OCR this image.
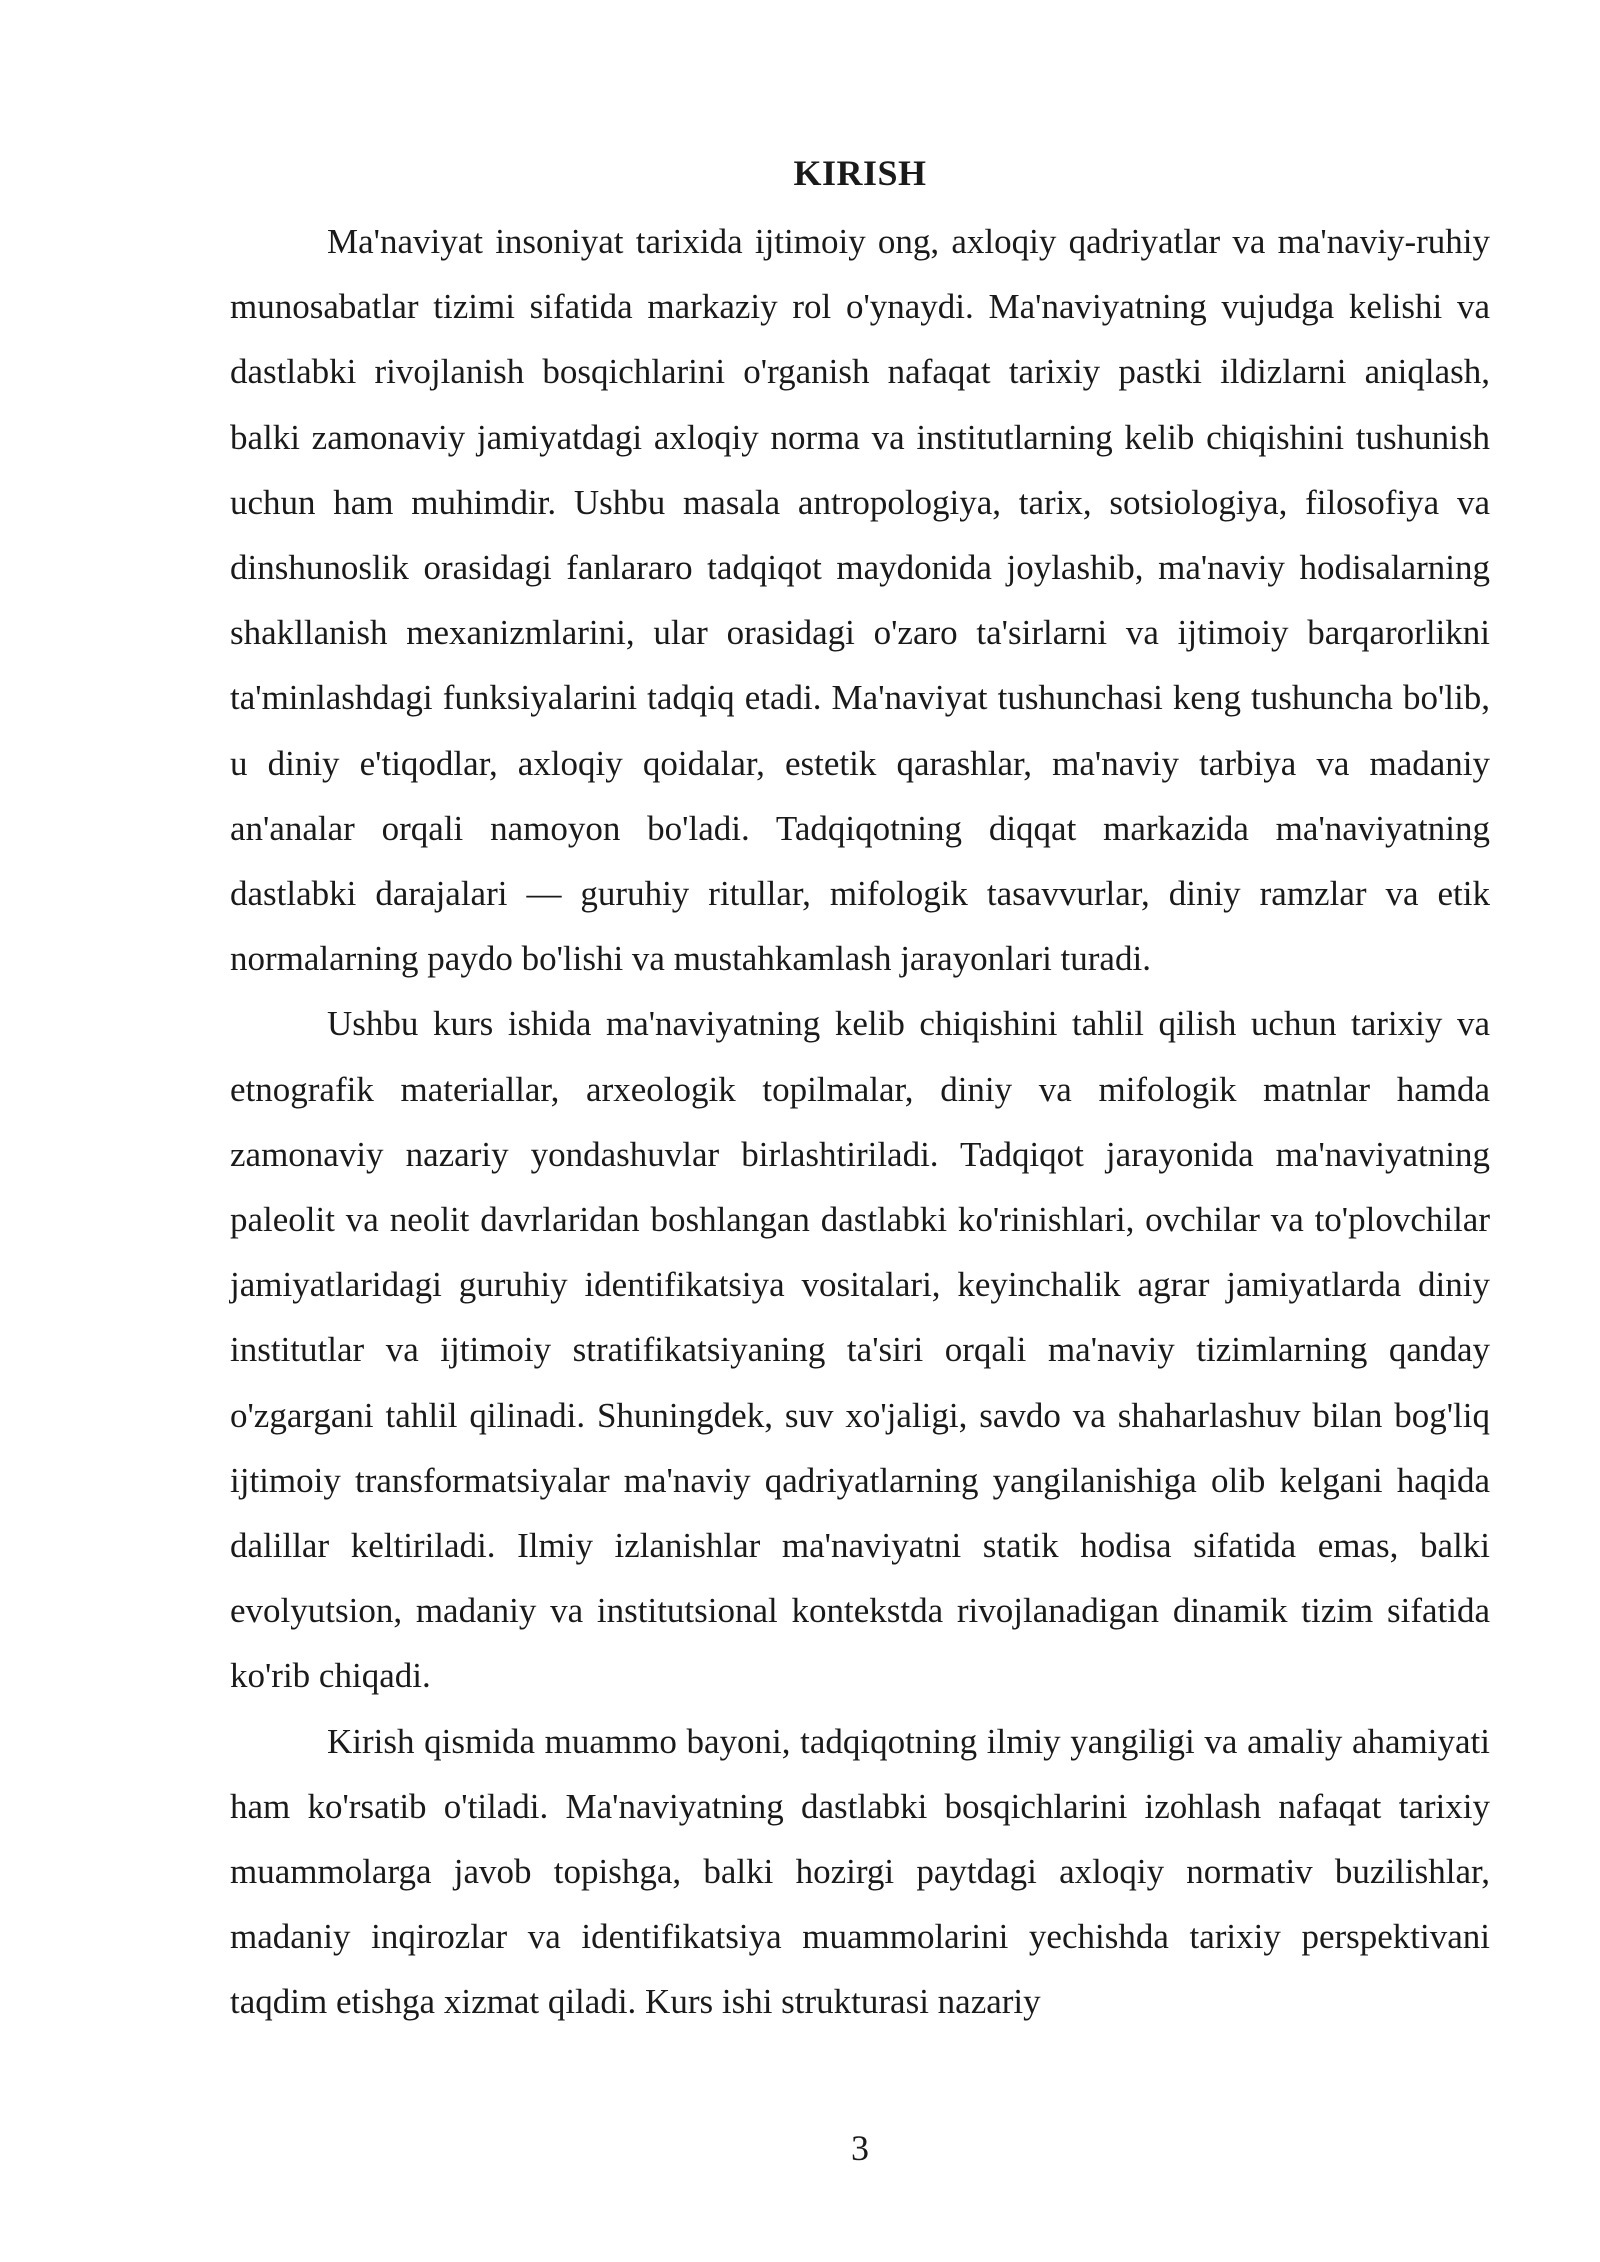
KIRISH

Ma'naviyat insoniyat tarixida ijtimoiy ong, axloqiy qadriyatlar va ma'naviy-ruhiy munosabatlar tizimi sifatida markaziy rol o'ynaydi. Ma'naviyatning vujudga kelishi va dastlabki rivojlanish bosqichlarini o'rganish nafaqat tarixiy pastki ildizlarni aniqlash, balki zamonaviy jamiyatdagi axloqiy norma va institutlarning kelib chiqishini tushunish uchun ham muhimdir. Ushbu masala antropologiya, tarix, sotsiologiya, filosofiya va dinshunoslik orasidagi fanlararo tadqiqot maydonida joylashib, ma'naviy hodisalarning shakllanish mexanizmlarini, ular orasidagi o'zaro ta'sirlarni va ijtimoiy barqarorlikni ta'minlashdagi funksiyalarini tadqiq etadi. Ma'naviyat tushunchasi keng tushuncha bo'lib, u diniy e'tiqodlar, axloqiy qoidalar, estetik qarashlar, ma'naviy tarbiya va madaniy an'analar orqali namoyon bo'ladi. Tadqiqotning diqqat markazida ma'naviyatning dastlabki darajalari — guruhiy ritullar, mifologik tasavvurlar, diniy ramzlar va etik normalarning paydo bo'lishi va mustahkamlash jarayonlari turadi.

Ushbu kurs ishida ma'naviyatning kelib chiqishini tahlil qilish uchun tarixiy va etnografik materiallar, arxeologik topilmalar, diniy va mifologik matnlar hamda zamonaviy nazariy yondashuvlar birlashtiriladi. Tadqiqot jarayonida ma'naviyatning paleolit va neolit davrlaridan boshlangan dastlabki ko'rinishlari, ovchilar va to'plovchilar jamiyatlaridagi guruhiy identifikatsiya vositalari, keyinchalik agrar jamiyatlarda diniy institutlar va ijtimoiy stratifikatsiyaning ta'siri orqali ma'naviy tizimlarning qanday o'zgargani tahlil qilinadi. Shuningdek, suv xo'jaligi, savdo va shaharlashuv bilan bog'liq ijtimoiy transformatsiyalar ma'naviy qadriyatlarning yangilanishiga olib kelgani haqida dalillar keltiriladi. Ilmiy izlanishlar ma'naviyatni statik hodisa sifatida emas, balki evolyutsion, madaniy va institutsional kontekstda rivojlanadigan dinamik tizim sifatida ko'rib chiqadi.

Kirish qismida muammo bayoni, tadqiqotning ilmiy yangiligi va amaliy ahamiyati ham ko'rsatib o'tiladi. Ma'naviyatning dastlabki bosqichlarini izohlash nafaqat tarixiy muammolarga javob topishga, balki hozirgi paytdagi axloqiy normativ buzilishlar, madaniy inqirozlar va identifikatsiya muammolarini yechishda tarixiy perspektivani taqdim etishga xizmat qiladi. Kurs ishi strukturasi nazariy

3
